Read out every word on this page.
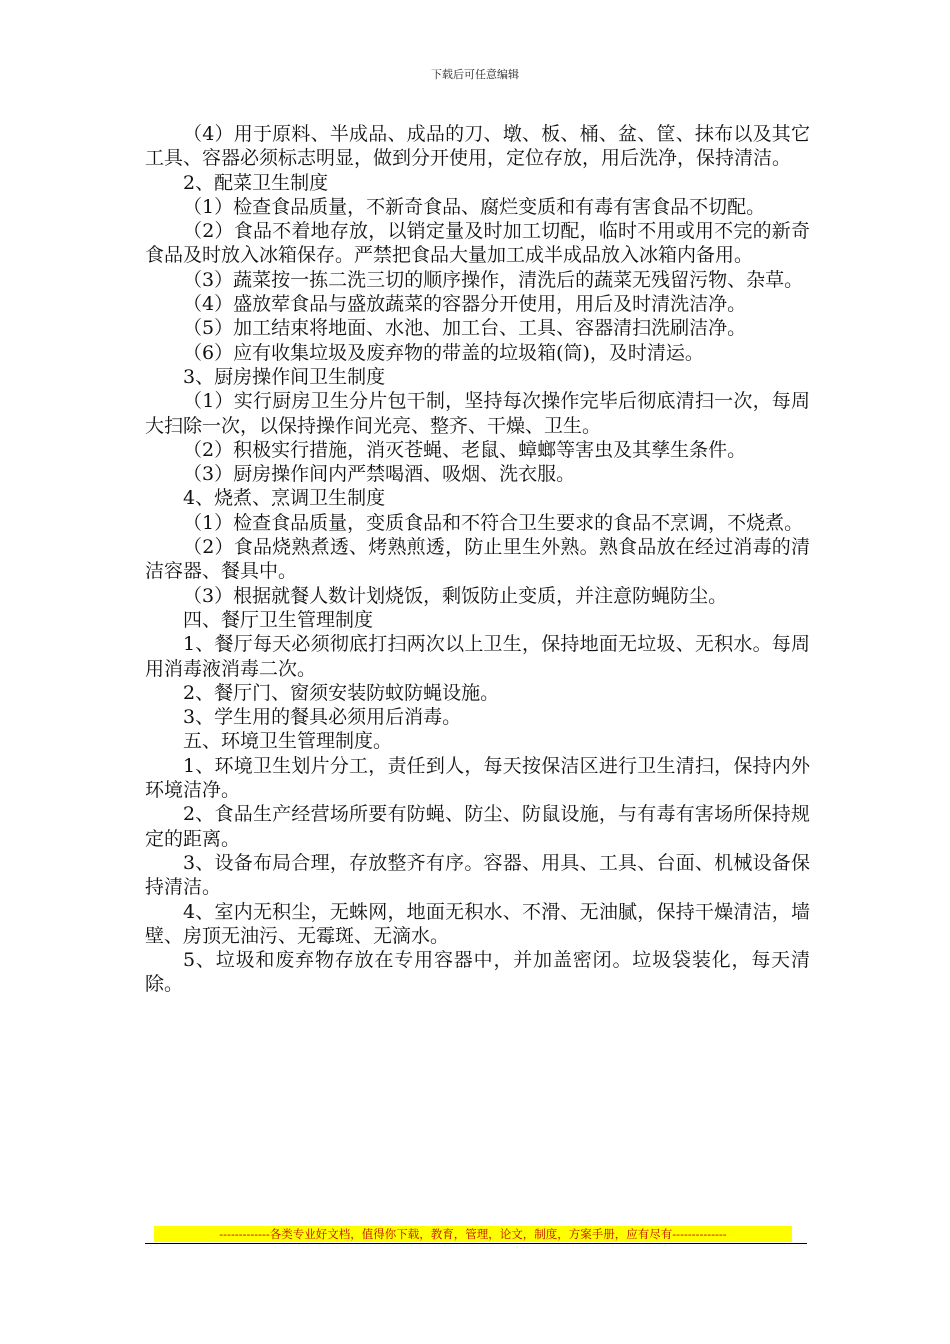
下载后可任意编辑

（4）用于原料、半成品、成品的刀、墩、板、桶、盆、筐、抹布以及其它工具、容器必须标志明显，做到分开使用，定位存放，用后洗净，保持清洁。

2、配菜卫生制度

（1）检查食品质量，不新奇食品、腐烂变质和有毒有害食品不切配。

（2）食品不着地存放，以销定量及时加工切配，临时不用或用不完的新奇食品及时放入冰箱保存。严禁把食品大量加工成半成品放入冰箱内备用。

（3）蔬菜按一拣二洗三切的顺序操作，清洗后的蔬菜无残留污物、杂草。

（4）盛放荤食品与盛放蔬菜的容器分开使用，用后及时清洗洁净。

（5）加工结束将地面、水池、加工台、工具、容器清扫洗刷洁净。

（6）应有收集垃圾及废弃物的带盖的垃圾箱(筒)，及时清运。

3、厨房操作间卫生制度

（1）实行厨房卫生分片包干制，坚持每次操作完毕后彻底清扫一次，每周大扫除一次，以保持操作间光亮、整齐、干燥、卫生。

（2）积极实行措施，消灭苍蝇、老鼠、蟑螂等害虫及其孳生条件。

（3）厨房操作间内严禁喝酒、吸烟、洗衣服。

4、烧煮、烹调卫生制度

（1）检查食品质量，变质食品和不符合卫生要求的食品不烹调，不烧煮。

（2）食品烧熟煮透、烤熟煎透，防止里生外熟。熟食品放在经过消毒的清洁容器、餐具中。

（3）根据就餐人数计划烧饭，剩饭防止变质，并注意防蝇防尘。

四、餐厅卫生管理制度

1、餐厅每天必须彻底打扫两次以上卫生，保持地面无垃圾、无积水。每周用消毒液消毒二次。

2、餐厅门、窗须安装防蚊防蝇设施。

3、学生用的餐具必须用后消毒。

五、环境卫生管理制度。

1、环境卫生划片分工，责任到人，每天按保洁区进行卫生清扫，保持内外环境洁净。

2、食品生产经营场所要有防蝇、防尘、防鼠设施，与有毒有害场所保持规定的距离。

3、设备布局合理，存放整齐有序。容器、用具、工具、台面、机械设备保持清洁。

4、室内无积尘，无蛛网，地面无积水、不滑、无油腻，保持干燥清洁，墙壁、房顶无油污、无霉斑、无滴水。

5、垃圾和废弃物存放在专用容器中，并加盖密闭。垃圾袋装化，每天清除。

-------------各类专业好文档，值得你下载，教育，管理，论文，制度，方案手册，应有尽有--------------
